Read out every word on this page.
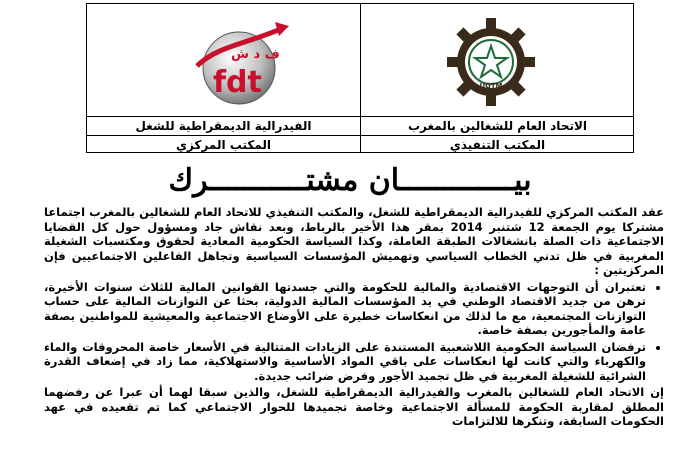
ف د ش
fdt	UGTM
الفيدرالية الديمقراطية للشغل
المكتب المركزي
الاتحاد العام للشغالين بالمغرب
المكتب التنفيذي
بيـــــــــــــان مشتـــــــــــرك

عقد المكتب المركزي للفيدرالية الديمقراطية للشغل، والمكتب التنفيذي للاتحاد العام للشغالين بالمغرب اجتماعا مشتركا يوم الجمعة 12 شتنبر 2014 بمقر هذا الأخير بالرباط، وبعد نقاش جاد ومسؤول حول كل القضايا الاجتماعية ذات الصلة بانشغالات الطبقة العاملة، وكذا السياسة الحكومية المعادية لحقوق ومكتسبات الشغيلة المغربية في ظل تدني الخطاب السياسي وتهميش المؤسسات السياسية وتجاهل الفاعلين الاجتماعيين فإن المركزيتين :

• تعتبران أن التوجهات الاقتصادية والمالية للحكومة والتي جسدتها القوانين المالية للثلاث سنوات الأخيرة، ترهن من جديد الاقتصاد الوطني في يد المؤسسات المالية الدولية، بحثا عن التوازنات المالية على حساب التوازنات المجتمعية، مع ما لذلك من انعكاسات خطيرة على الأوضاع الاجتماعية والمعيشية للمواطنين بصفة عامة والمأجورين بصفة خاصة.
• ترفضان السياسة الحكومية اللاشعبية المستندة على الزيادات المتتالية في الأسعار خاصة المحروقات والماء والكهرباء والتي كانت لها انعكاسات على باقي المواد الأساسية والاستهلاكية، مما زاد في إضعاف القدرة الشرائية للشغيلة المغربية في ظل تجميد الأجور وفرض ضرائب جديدة.

إن الاتحاد العام للشغالين بالمغرب والفيدرالية الديمقراطية للشغل، والذين سبقا لهما أن عبرا عن رفضهما المطلق لمقاربة الحكومة للمسألة الاجتماعية وخاصة تجميدها للحوار الاجتماعي كما تم تقعيده في عهد الحكومات السابقة، وتنكرها للالتزامات
